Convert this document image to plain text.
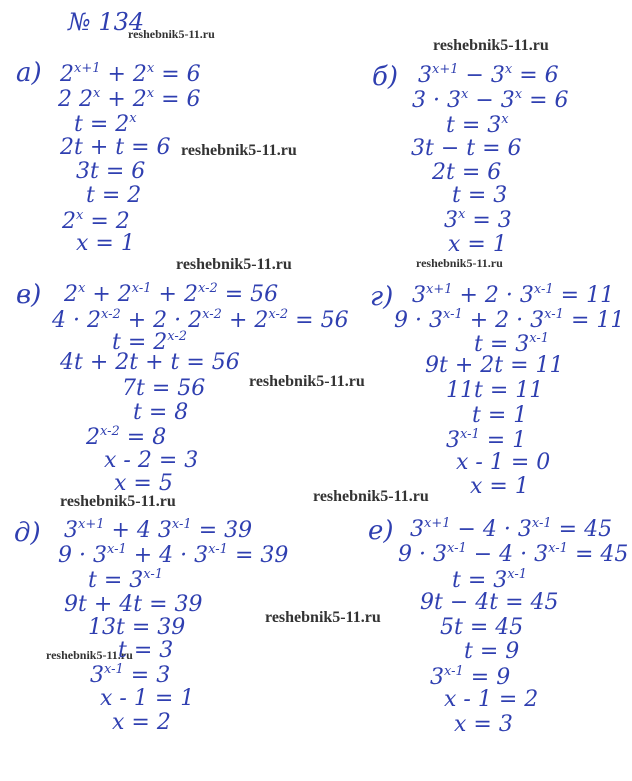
№ 134
reshebnik5-11.ru
reshebnik5-11.ru
reshebnik5-11.ru
reshebnik5-11.ru	reshebnik5-11.ru
reshebnik5-11.ru
reshebnik5-11.ru	reshebnik5-11.ru
reshebnik5-11.ru
reshebnik5-11.ru
а) $2^{x+1} + 2^x = 6$
2 $2^x + 2^x = 6$
$t = 2^x$
2t + t = 6
3t = 6
t = 2
$2^x = 2$
x = 1
б) $3^{x+1} - 3^x = 6$
$3 \cdot 3^x - 3^x = 6$
$t = 3^x$
3t − t = 6
2t = 6
t = 3
$3^x = 3$
x = 1
в) $2^x + 2^{x-1} + 2^{x-2} = 56$
$4 \cdot 2^{x-2} + 2 \cdot 2^{x-2} + 2^{x-2} = 56$
$t = 2^{x-2}$
4t + 2t + t = 56
7t = 56
t = 8
$2^{x-2} = 8$
x - 2 = 3
x = 5
г) $3^{x+1} + 2 \cdot 3^{x-1} = 11$
$9 \cdot 3^{x-1} + 2 \cdot 3^{x-1} = 11$
$t = 3^{x-1}$
9t + 2t = 11
11t = 11
t = 1
$3^{x-1} = 1$
x - 1 = 0
x = 1
д) $3^{x+1} + 4$ $3^{x-1} = 39$
$9 \cdot 3^{x-1} + 4 \cdot 3^{x-1} = 39$
$t = 3^{x-1}$
9t + 4t = 39
13t = 39
t = 3
$3^{x-1} = 3$
x - 1 = 1
x = 2
е) $3^{x+1} - 4 \cdot 3^{x-1} = 45$
$9 \cdot 3^{x-1} - 4 \cdot 3^{x-1} = 45$
$t = 3^{x-1}$
9t − 4t = 45
5t = 45
t = 9
$3^{x-1} = 9$
x - 1 = 2
x = 3
